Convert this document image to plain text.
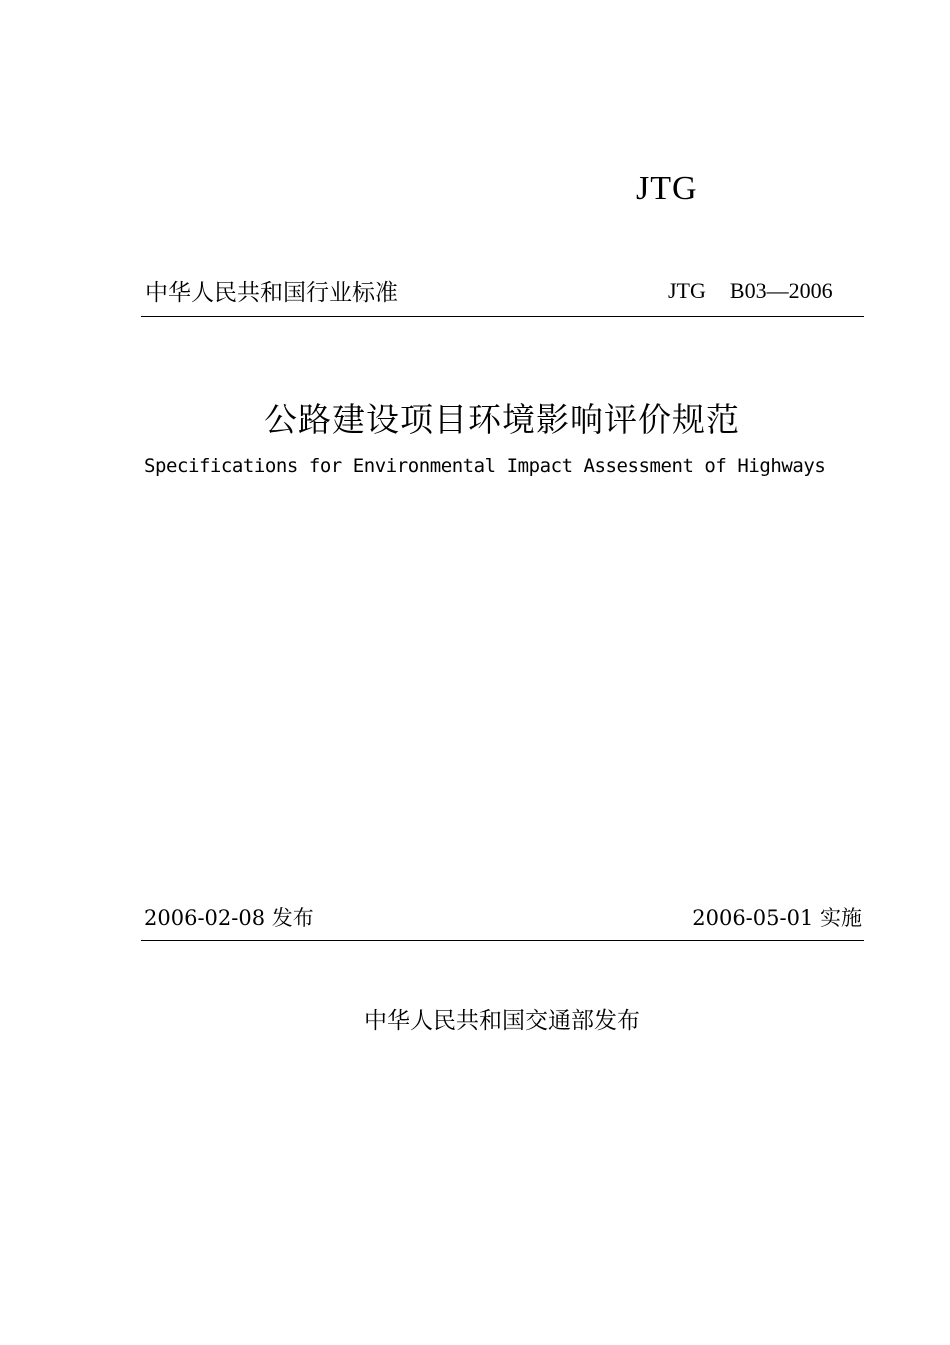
JTG
中华人民共和国行业标准	JTG B03—2006
公路建设项目环境影响评价规范
Specifications for Environmental Impact Assessment of Highways
2006-02-08 发布	2006-05-01 实施
中华人民共和国交通部发布
